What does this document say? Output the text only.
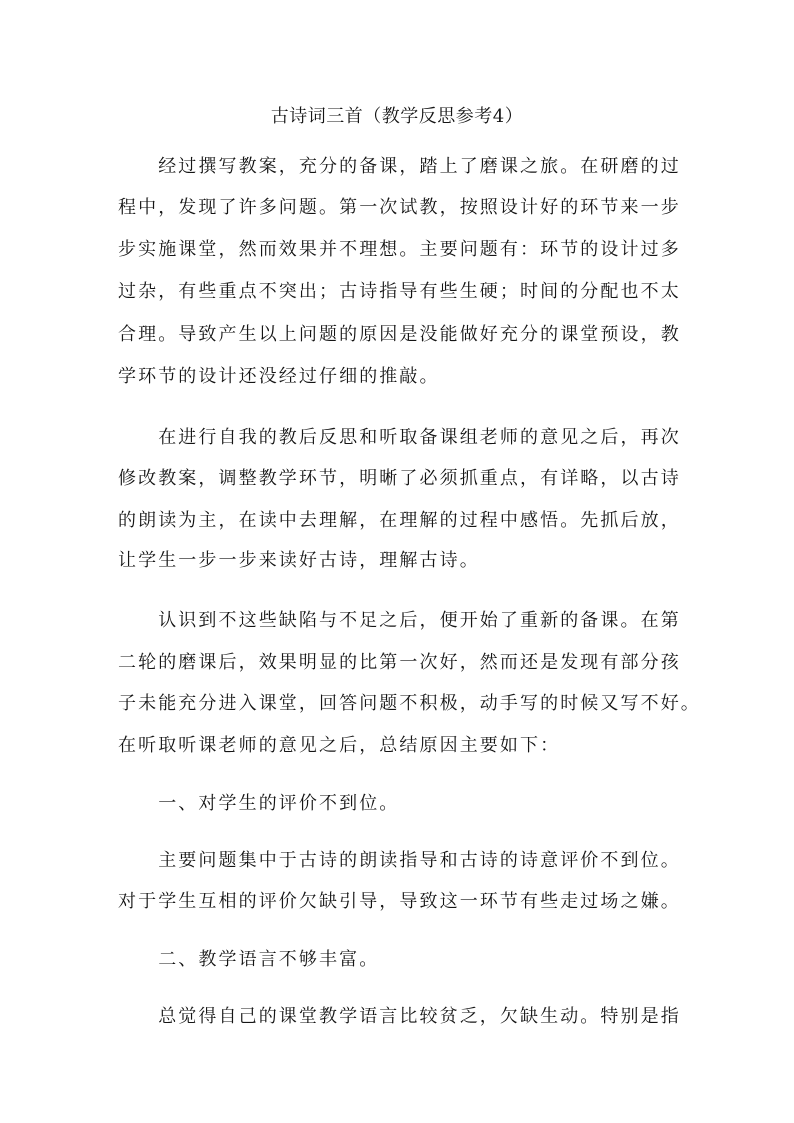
古诗词三首（教学反思参考4）
　　经过撰写教案，充分的备课，踏上了磨课之旅。在研磨的过
程中，发现了许多问题。第一次试教，按照设计好的环节来一步
步实施课堂，然而效果并不理想。主要问题有：环节的设计过多
过杂，有些重点不突出；古诗指导有些生硬；时间的分配也不太
合理。导致产生以上问题的原因是没能做好充分的课堂预设，教
学环节的设计还没经过仔细的推敲。
　　在进行自我的教后反思和听取备课组老师的意见之后，再次
修改教案，调整教学环节，明晰了必须抓重点，有详略，以古诗
的朗读为主，在读中去理解，在理解的过程中感悟。先抓后放，
让学生一步一步来读好古诗，理解古诗。
　　认识到不这些缺陷与不足之后，便开始了重新的备课。在第
二轮的磨课后，效果明显的比第一次好，然而还是发现有部分孩
子未能充分进入课堂，回答问题不积极，动手写的时候又写不好。
在听取听课老师的意见之后，总结原因主要如下：
　　一、对学生的评价不到位。
　　主要问题集中于古诗的朗读指导和古诗的诗意评价不到位。
对于学生互相的评价欠缺引导，导致这一环节有些走过场之嫌。
　　二、教学语言不够丰富。
　　总觉得自己的课堂教学语言比较贫乏，欠缺生动。特别是指
